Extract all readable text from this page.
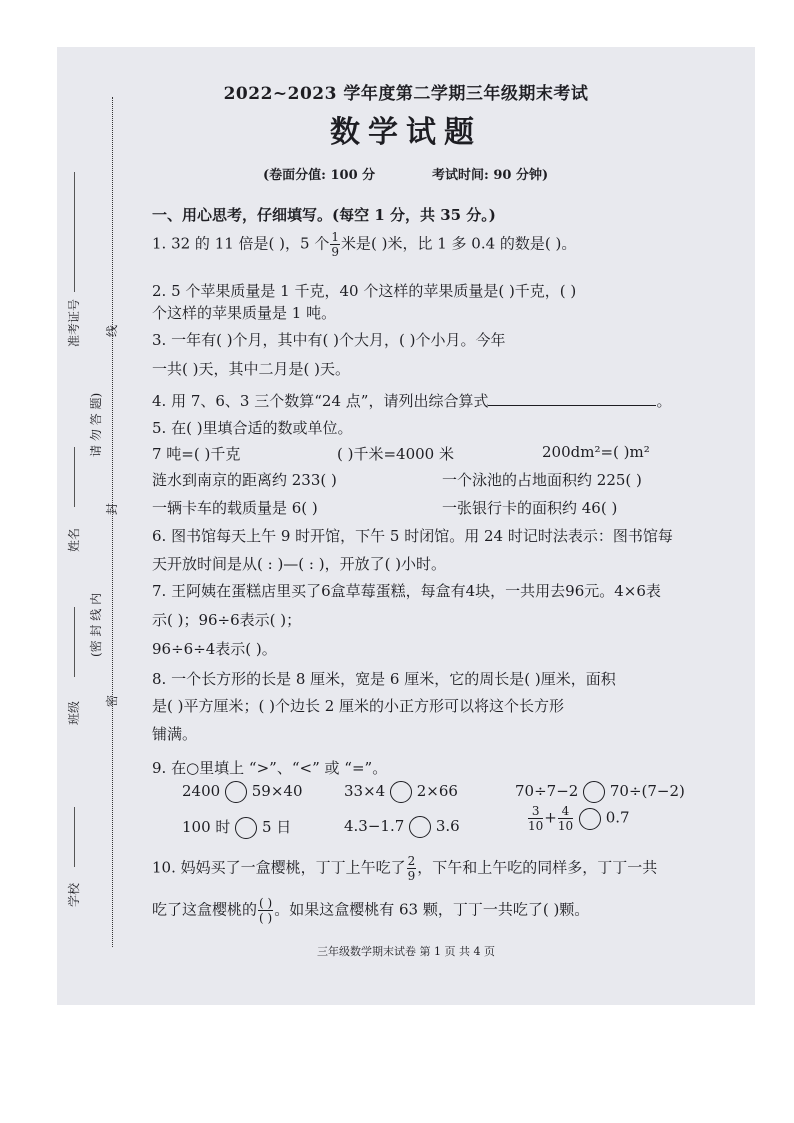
学校
班级
姓名
准考证号
(密 封 线 内
请 勿 答 题)
密
封
线
2022~2023 学年度第二学期三年级期末考试
数学试题
(卷面分值: 100 分	考试时间: 90 分钟)
一、用心思考，仔细填写。(每空 1 分，共 35 分。)
1. 32 的 11 倍是( )，5 个 $\frac{1}{9}$ 米是( )米，比 1 多 0.4 的数是( )。
2. 5 个苹果质量是 1 千克，40 个这样的苹果质量是( )千克，( )
个这样的苹果质量是 1 吨。
3. 一年有( )个月，其中有( )个大月，( )个小月。今年
一共( )天，其中二月是( )天。
4. 用 7、6、3 三个数算“24 点”，请列出综合算式	。
5. 在( )里填合适的数或单位。
7 吨=( )千克	( )千米=4000 米	200dm²=( )m²
涟水到南京的距离约 233( )	一个泳池的占地面积约 225( )
一辆卡车的载质量是 6( )	一张银行卡的面积约 46( )
6. 图书馆每天上午 9 时开馆，下午 5 时闭馆。用 24 时记时法表示：图书馆每
天开放时间是从( : )—( : )，开放了( )小时。
7. 王阿姨在蛋糕店里买了6盒草莓蛋糕，每盒有4块，一共用去96元。4×6表
示( )；96÷6表示( )；
96÷6÷4表示( )。
8. 一个长方形的长是 8 厘米，宽是 6 厘米，它的周长是( )厘米，面积
是( )平方厘米；( )个边长 2 厘米的小正方形可以将这个长方形
铺满。
9. 在○里填上 “>”、“<” 或 “=”。
2400 59×40	33×4 2×66	70÷7−2 70÷(7−2)
100 时 5 日	4.3−1.7 3.6	$\frac{3}{10} + \frac{4}{10} 0.7$
10. 妈妈买了一盒樱桃，丁丁上午吃了 $\frac{2}{9}$ ，下午和上午吃的同样多，丁丁一共
吃了这盒樱桃的 $\frac{( )}{( )}$ 。如果这盒樱桃有 63 颗，丁丁一共吃了( )颗。
三年级数学期末试卷 第 1 页 共 4 页
